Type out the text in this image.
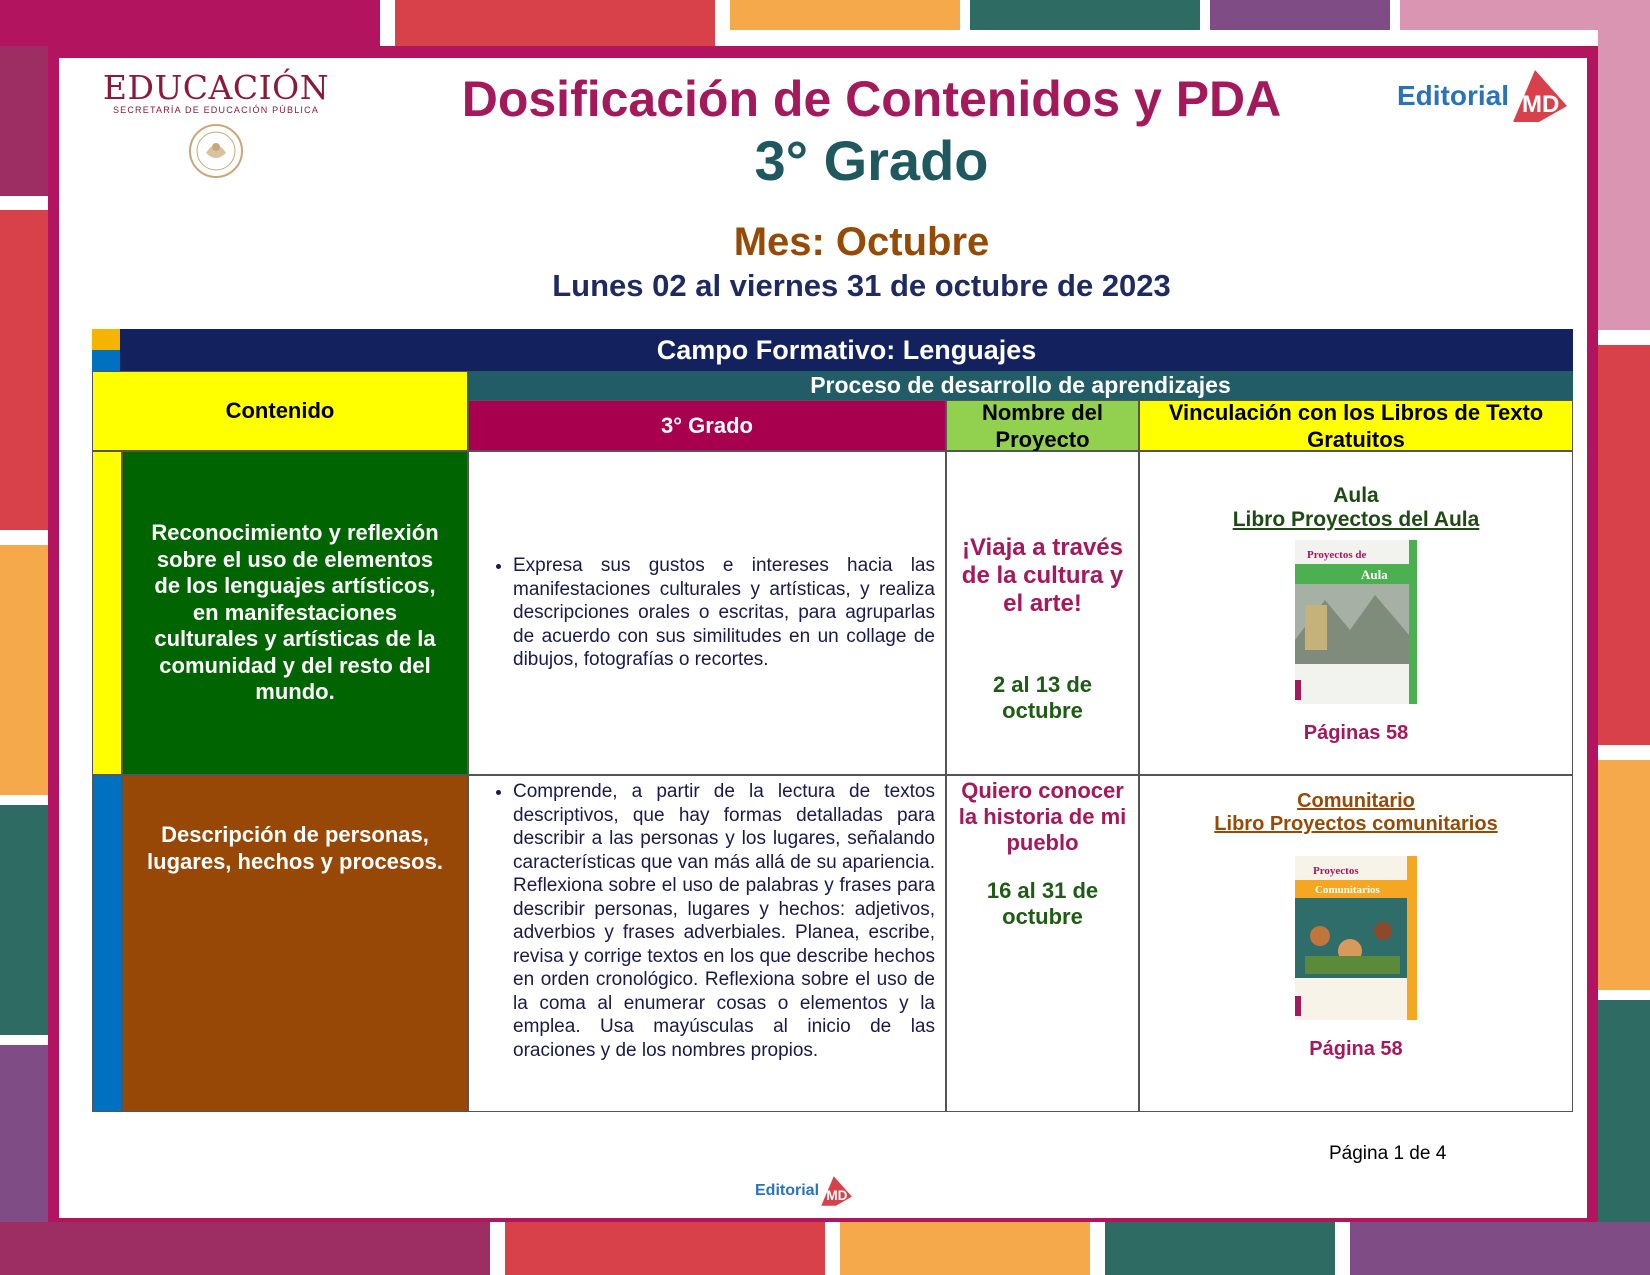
EDUCACIÓN
SECRETARÍA DE EDUCACIÓN PÚBLICA	Editorial MD
Dosificación de Contenidos y PDA
3° Grado
Mes: Octubre
Lunes 02 al viernes 31 de octubre de 2023
Campo Formativo: Lenguajes
Contenido
Proceso de desarrollo de aprendizajes
3° Grado
Nombre del Proyecto
Vinculación con los Libros de Texto Gratuitos
Reconocimiento y reflexión sobre el uso de elementos de los lenguajes artísticos, en manifestaciones culturales y artísticas de la comunidad y del resto del mundo.
• Expresa sus gustos e intereses hacia las manifestaciones culturales y artísticas, y realiza descripciones orales o escritas, para agruparlas de acuerdo con sus similitudes en un collage de dibujos, fotografías o recortes.
¡Viaja a través de la cultura y el arte!
2 al 13 de octubre
Aula
Libro Proyectos del Aula
Proyectos de
Aula
Páginas 58
Descripción de personas, lugares, hechos y procesos.
• Comprende, a partir de la lectura de textos descriptivos, que hay formas detalladas para describir a las personas y los lugares, señalando características que van más allá de su apariencia. Reflexiona sobre el uso de palabras y frases para describir personas, lugares y hechos: adjetivos, adverbios y frases adverbiales. Planea, escribe, revisa y corrige textos en los que describe hechos en orden cronológico. Reflexiona sobre el uso de la coma al enumerar cosas o elementos y la emplea. Usa mayúsculas al inicio de las oraciones y de los nombres propios.
Quiero conocer la historia de mi pueblo
16 al 31 de octubre
Comunitario
Libro Proyectos comunitarios
Proyectos
Comunitarios
Página 58
Editorial MD
Página 1 de 4
